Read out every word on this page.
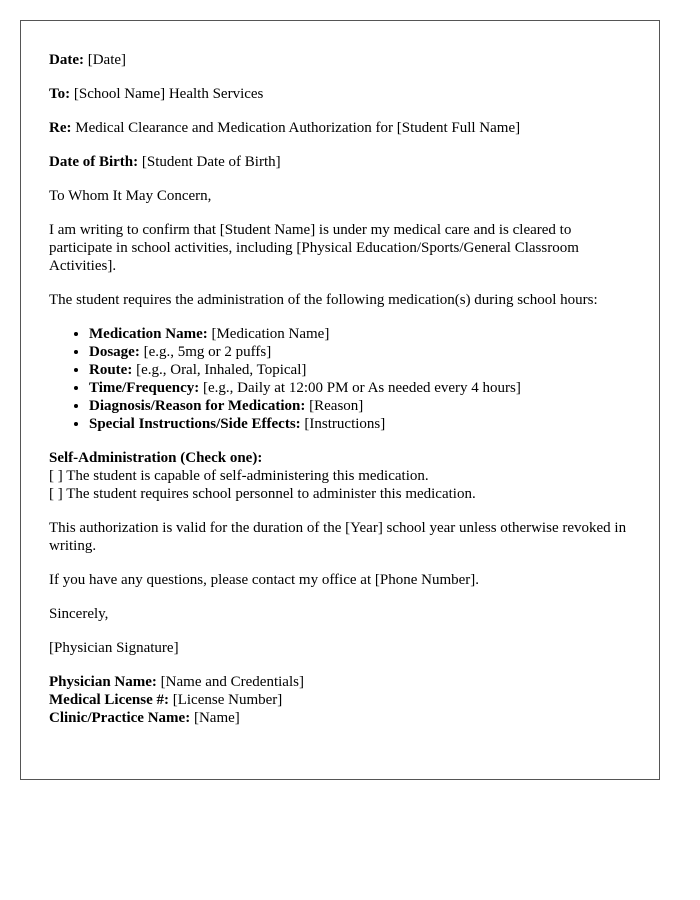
Date: [Date]

To: [School Name] Health Services

Re: Medical Clearance and Medication Authorization for [Student Full Name]

Date of Birth: [Student Date of Birth]

To Whom It May Concern,

I am writing to confirm that [Student Name] is under my medical care and is cleared to participate in school activities, including [Physical Education/Sports/General Classroom Activities].

The student requires the administration of the following medication(s) during school hours:

• Medication Name: [Medication Name]
• Dosage: [e.g., 5mg or 2 puffs]
• Route: [e.g., Oral, Inhaled, Topical]
• Time/Frequency: [e.g., Daily at 12:00 PM or As needed every 4 hours]
• Diagnosis/Reason for Medication: [Reason]
• Special Instructions/Side Effects: [Instructions]
Self-Administration (Check one):
[ ] The student is capable of self-administering this medication.
[ ] The student requires school personnel to administer this medication.

This authorization is valid for the duration of the [Year] school year unless otherwise revoked in writing.

If you have any questions, please contact my office at [Phone Number].

Sincerely,

[Physician Signature]

Physician Name: [Name and Credentials]
Medical License #: [License Number]
Clinic/Practice Name: [Name]
